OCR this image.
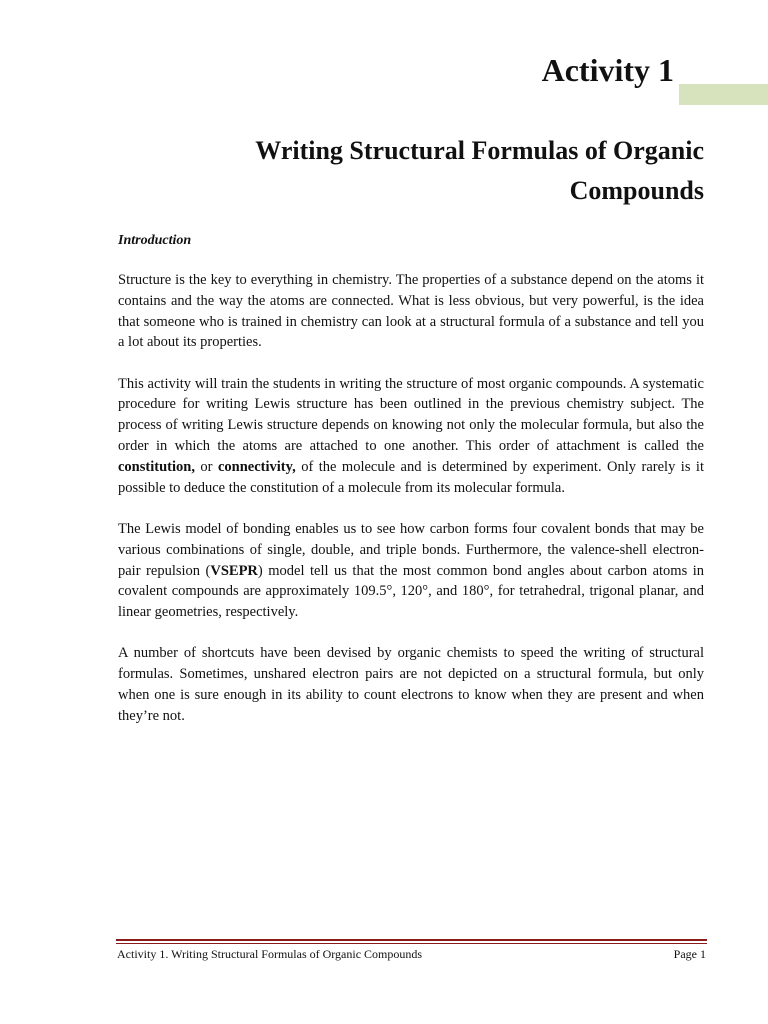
Activity 1
Writing Structural Formulas of Organic
Compounds
Introduction

Structure is the key to everything in chemistry. The properties of a substance depend on the atoms it contains and the way the atoms are connected. What is less obvious, but very powerful, is the idea that someone who is trained in chemistry can look at a structural formula of a substance and tell you a lot about its properties.

This activity will train the students in writing the structure of most organic compounds. A systematic procedure for writing Lewis structure has been outlined in the previous chemistry subject. The process of writing Lewis structure depends on knowing not only the molecular formula, but also the order in which the atoms are attached to one another. This order of attachment is called the constitution, or connectivity, of the molecule and is determined by experiment. Only rarely is it possible to deduce the constitution of a molecule from its molecular formula.

The Lewis model of bonding enables us to see how carbon forms four covalent bonds that may be various combinations of single, double, and triple bonds. Furthermore, the valence-shell electron-pair repulsion (VSEPR) model tell us that the most common bond angles about carbon atoms in covalent compounds are approximately 109.5°, 120°, and 180°, for tetrahedral, trigonal planar, and linear geometries, respectively.

A number of shortcuts have been devised by organic chemists to speed the writing of structural formulas. Sometimes, unshared electron pairs are not depicted on a structural formula, but only when one is sure enough in its ability to count electrons to know when they are present and when they’re not.

Activity 1. Writing Structural Formulas of Organic Compounds	Page 1
